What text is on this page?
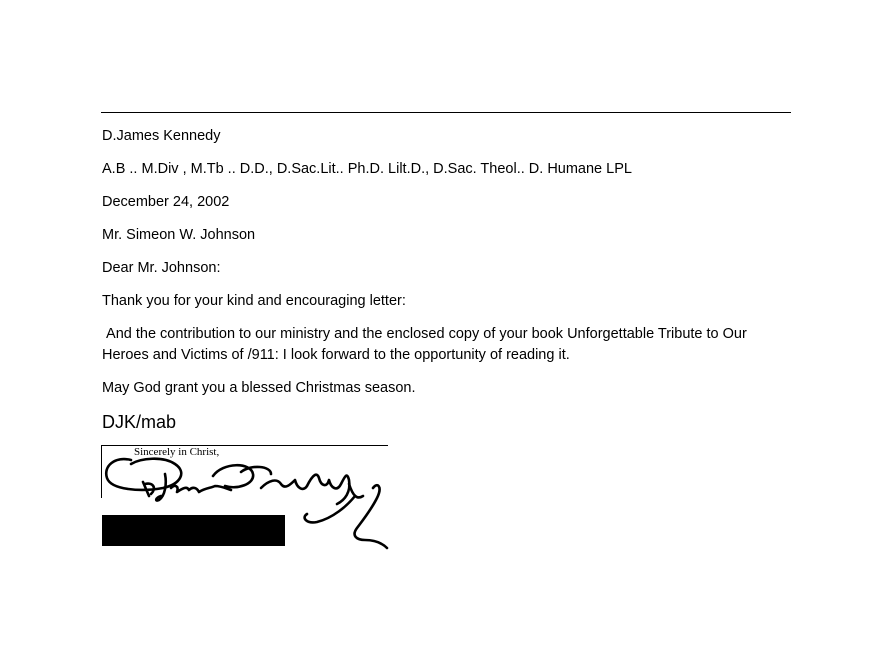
D.James Kennedy
A.B .. M.Div , M.Tb .. D.D., D.Sac.Lit.. Ph.D. Lilt.D., D.Sac. Theol.. D. Humane LPL
December 24, 2002
Mr. Simeon W. Johnson
Dear Mr. Johnson:
Thank you for your kind and encouraging letter:
And the contribution to our ministry and the enclosed copy of your book Unforgettable Tribute to Our Heroes and Victims of /911: I look forward to the opportunity of reading it.
May God grant you a blessed Christmas season.
DJK/mab
Sincerely in Christ,
